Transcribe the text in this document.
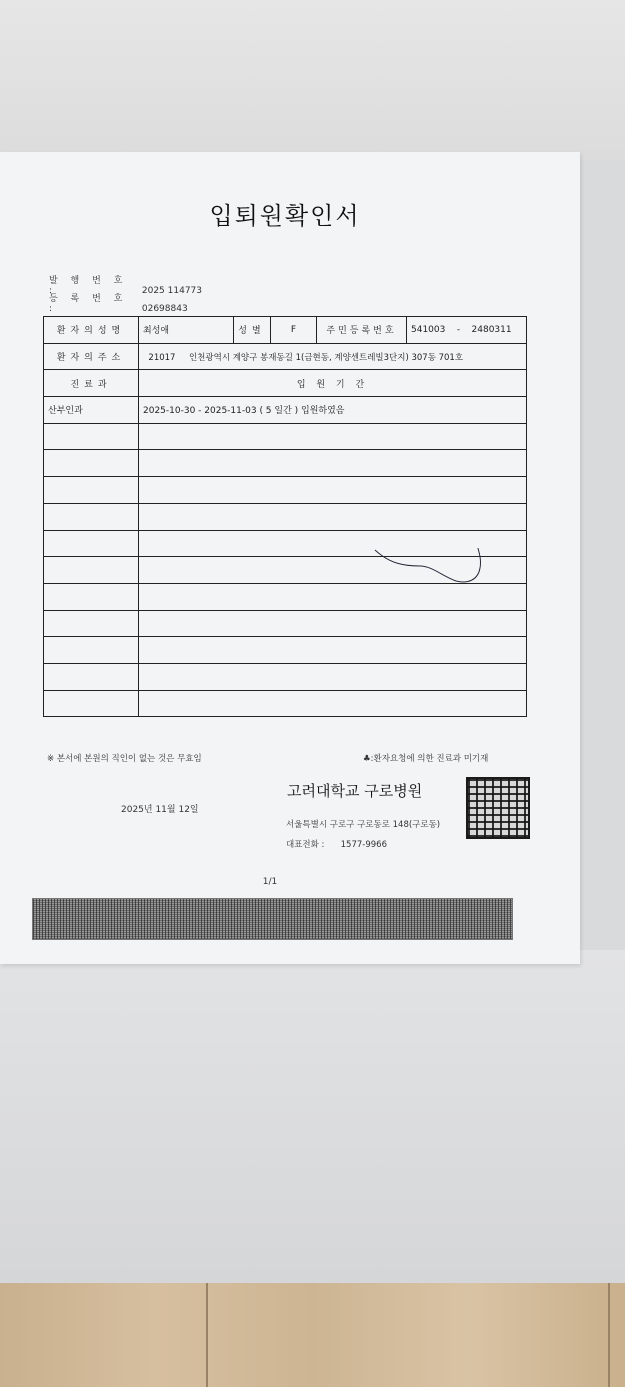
입퇴원확인서
발 행 번 호 :	2025 114773
등 록 번 호 :	02698843
환자의성명	최성애	성별	F	주민등록번호	541003 - 2480311
환자의주소	21017 인천광역시 계양구 봉재동길 1(금현동, 계양센트레빌3단지) 307동 701호				
진료과	입 원 기 간				
산부인과	2025-10-30 - 2025-11-03 ( 5 일간 ) 입원하였음				

※ 본서에 본원의 직인이 없는 것은 무효임	♣:환자요청에 의한 진료과 미기재
고려대학교 구로병원
2025년 11월 12일
서울특별시 구로구 구로동로 148(구로동)
대표전화 : 1577-9966
1/1
